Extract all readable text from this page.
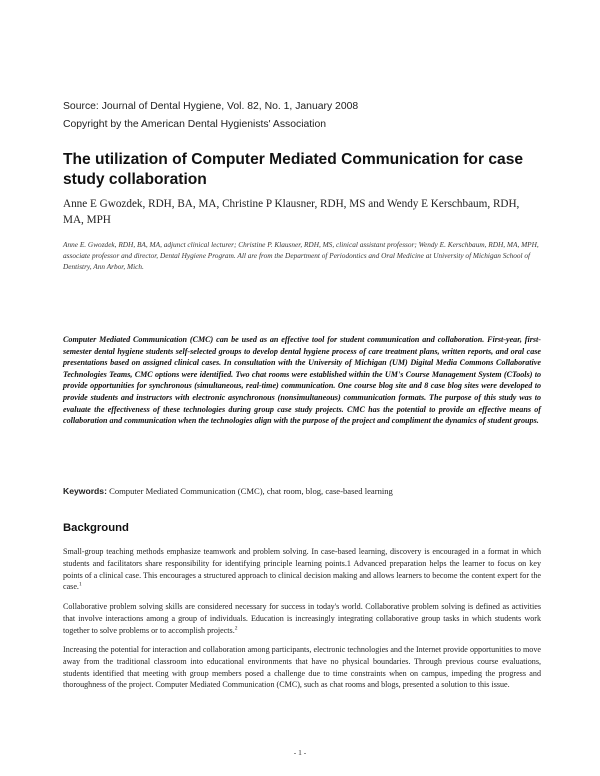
Source: Journal of Dental Hygiene, Vol. 82, No. 1, January 2008
Copyright by the American Dental Hygienists' Association
The utilization of Computer Mediated Communication for case study collaboration
Anne E Gwozdek, RDH, BA, MA, Christine P Klausner, RDH, MS and Wendy E Kerschbaum, RDH, MA, MPH
Anne E. Gwozdek, RDH, BA, MA, adjunct clinical lecturer; Christine P. Klausner, RDH, MS, clinical assistant professor; Wendy E. Kerschbaum, RDH, MA, MPH, associate professor and director, Dental Hygiene Program. All are from the Department of Periodontics and Oral Medicine at University of Michigan School of Dentistry, Ann Arbor, Mich.
Computer Mediated Communication (CMC) can be used as an effective tool for student communication and collaboration. First-year, first-semester dental hygiene students self-selected groups to develop dental hygiene process of care treatment plans, written reports, and oral case presentations based on assigned clinical cases. In consultation with the University of Michigan (UM) Digital Media Commons Collaborative Technologies Teams, CMC options were identified. Two chat rooms were established within the UM's Course Management System (CTools) to provide opportunities for synchronous (simultaneous, real-time) communication. One course blog site and 8 case blog sites were developed to provide students and instructors with electronic asynchronous (nonsimultaneous) communication formats. The purpose of this study was to evaluate the effectiveness of these technologies during group case study projects. CMC has the potential to provide an effective means of collaboration and communication when the technologies align with the purpose of the project and compliment the dynamics of student groups.
Keywords: Computer Mediated Communication (CMC), chat room, blog, case-based learning
Background

Small-group teaching methods emphasize teamwork and problem solving. In case-based learning, discovery is encouraged in a format in which students and facilitators share responsibility for identifying principle learning points.1 Advanced preparation helps the learner to focus on key points of a clinical case. This encourages a structured approach to clinical decision making and allows learners to become the content expert for the case.$^1$

Collaborative problem solving skills are considered necessary for success in today's world. Collaborative problem solving is defined as activities that involve interactions among a group of individuals. Education is increasingly integrating collaborative group tasks in which students work together to solve problems or to accomplish projects.$^2$

Increasing the potential for interaction and collaboration among participants, electronic technologies and the Internet provide opportunities to move away from the traditional classroom into educational environments that have no physical boundaries. Through previous course evaluations, students identified that meeting with group members posed a challenge due to time constraints when on campus, impeding the progress and thoroughness of the project. Computer Mediated Communication (CMC), such as chat rooms and blogs, presented a solution to this issue.

- 1 -
